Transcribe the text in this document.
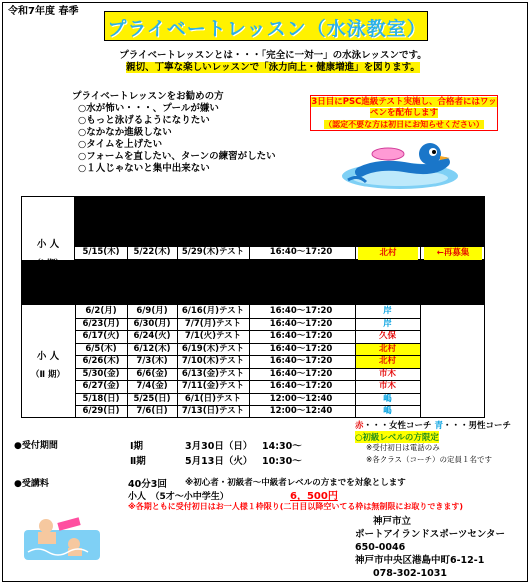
令和7年度 春季
プライベートレッスン（水泳教室）
プライベートレッスンとは・・・「完全に一対一」の水泳レッスンです。
親切、丁寧な楽しいレッスンで「泳力向上・健康増進」を図ります。
プライベートレッスンをお勧めの方
○水が怖い・・・、プールが嫌い
○もっと泳げるようになりたい
○なかなか進級しない
○タイムを上げたい
○フォームを直したい、ターンの練習がしたい
○１人じゃないと集中出来ない
3日目にPSC進級テスト実施し、合格者にはワッ
ペンを配布します
（認定不要な方は初日にお知らせください）
小 人
5/15(木)	5/22(木)	5/29(木)テスト	16:40～17:20	北村	←再募集
小 人
（Ⅱ 期）
6/2(月)	6/9(月)	6/16(月)テスト	16:40～17:20	岸
6/23(月)	6/30(月)	7/7(月)テスト	16:40～17:20	岸
6/17(火)	6/24(火)	7/1(火)テスト	16:40～17:20	久保
6/5(木)	6/12(木)	6/19(木)テスト	16:40～17:20	北村
6/26(木)	7/3(木)	7/10(木)テスト	16:40～17:20	北村
5/30(金)	6/6(金)	6/13(金)テスト	16:40～17:20	市木
6/27(金)	7/4(金)	7/11(金)テスト	16:40～17:20	市木
5/18(日)	5/25(日)	6/1(日)テスト	12:00～12:40	嶋
6/29(日)	7/6(日)	7/13(日)テスト	12:00～12:40	嶋
赤・・・女性コーチ 青・・・男性コーチ
○初級レベルの方限定
※受付初日は電話のみ
※各クラス（コーチ）の定員１名です
●受付期間	Ⅰ期	3月30日（日） 14:30～
Ⅱ期	5月13日（火） 10:30～
●受講料	40分3回 ※初心者・初級者～中級者レベルの方までを対象とします
小人　（5才～小中学生）	6，500円
※各期ともに受付初日はお一人様１枠限り(二日目以降空いてる枠は無制限にお取りできます)
神戸市立
ポートアイランドスポーツセンター
650-0046
神戸市中央区港島中町6-12-1
078-302-1031
